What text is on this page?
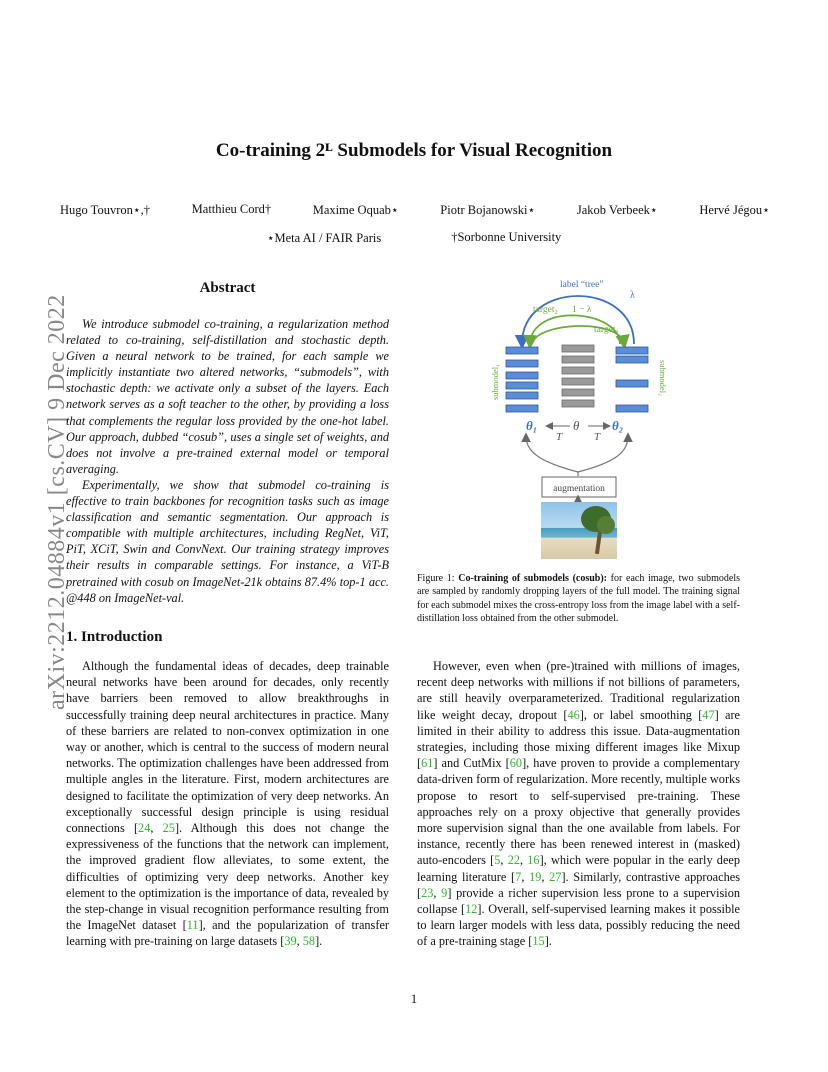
Co-training 2ᴸ Submodels for Visual Recognition
Hugo Touvron⋆,†	Matthieu Cord†	Maxime Oquab⋆	Piotr Bojanowski⋆	Jakob Verbeek⋆	Hervé Jégou⋆
⋆Meta AI / FAIR Paris	†Sorbonne University
arXiv:2212.04884v1 [cs.CV] 9 Dec 2022
Abstract

We introduce submodel co-training, a regularization method related to co-training, self-distillation and stochastic depth. Given a neural network to be trained, for each sample we implicitly instantiate two altered networks, “submodels”, with stochastic depth: we activate only a subset of the layers. Each network serves as a soft teacher to the other, by providing a loss that complements the regular loss provided by the one-hot label. Our approach, dubbed “cosub”, uses a single set of weights, and does not involve a pre-trained external model or temporal averaging.

Experimentally, we show that submodel co-training is effective to train backbones for recognition tasks such as image classification and semantic segmentation. Our approach is compatible with multiple architectures, including RegNet, ViT, PiT, XCiT, Swin and ConvNext. Our training strategy improves their results in comparable settings. For instance, a ViT-B pretrained with cosub on ImageNet-21k obtains 87.4% top-1 acc. @448 on ImageNet-val.

label “tree”
λ
target₂ 1 − λ
target₁
submodel₁	submodel₂
θ₁	θ	θ₂
T	T
augmentation
Figure 1: Co-training of submodels (cosub): for each image, two submodels are sampled by randomly dropping layers of the full model. The training signal for each submodel mixes the cross-entropy loss from the image label with a self-distillation loss obtained from the other submodel.
1. Introduction

Although the fundamental ideas of decades, deep trainable neural networks have been around for decades, only recently have barriers been removed to allow breakthroughs in successfully training deep neural architectures in practice. Many of these barriers are related to non-convex optimization in one way or another, which is central to the success of modern neural networks. The optimization challenges have been addressed from multiple angles in the literature. First, modern architectures are designed to facilitate the optimization of very deep networks. An exceptionally successful design principle is using residual connections [24, 25]. Although this does not change the expressiveness of the functions that the network can implement, the improved gradient flow alleviates, to some extent, the difficulties of optimizing very deep networks. Another key element to the optimization is the importance of data, revealed by the step-change in visual recognition performance resulting from the ImageNet dataset [11], and the popularization of transfer learning with pre-training on large datasets [39, 58].

However, even when (pre-)trained with millions of images, recent deep networks with millions if not billions of parameters, are still heavily overparameterized. Traditional regularization like weight decay, dropout [46], or label smoothing [47] are limited in their ability to address this issue. Data-augmentation strategies, including those mixing different images like Mixup [61] and CutMix [60], have proven to provide a complementary data-driven form of regularization. More recently, multiple works propose to resort to self-supervised pre-training. These approaches rely on a proxy objective that generally provides more supervision signal than the one available from labels. For instance, recently there has been renewed interest in (masked) auto-encoders [5, 22, 16], which were popular in the early deep learning literature [7, 19, 27]. Similarly, contrastive approaches [23, 9] provide a richer supervision less prone to a supervision collapse [12]. Overall, self-supervised learning makes it possible to learn larger models with less data, possibly reducing the need of a pre-training stage [15].

1
